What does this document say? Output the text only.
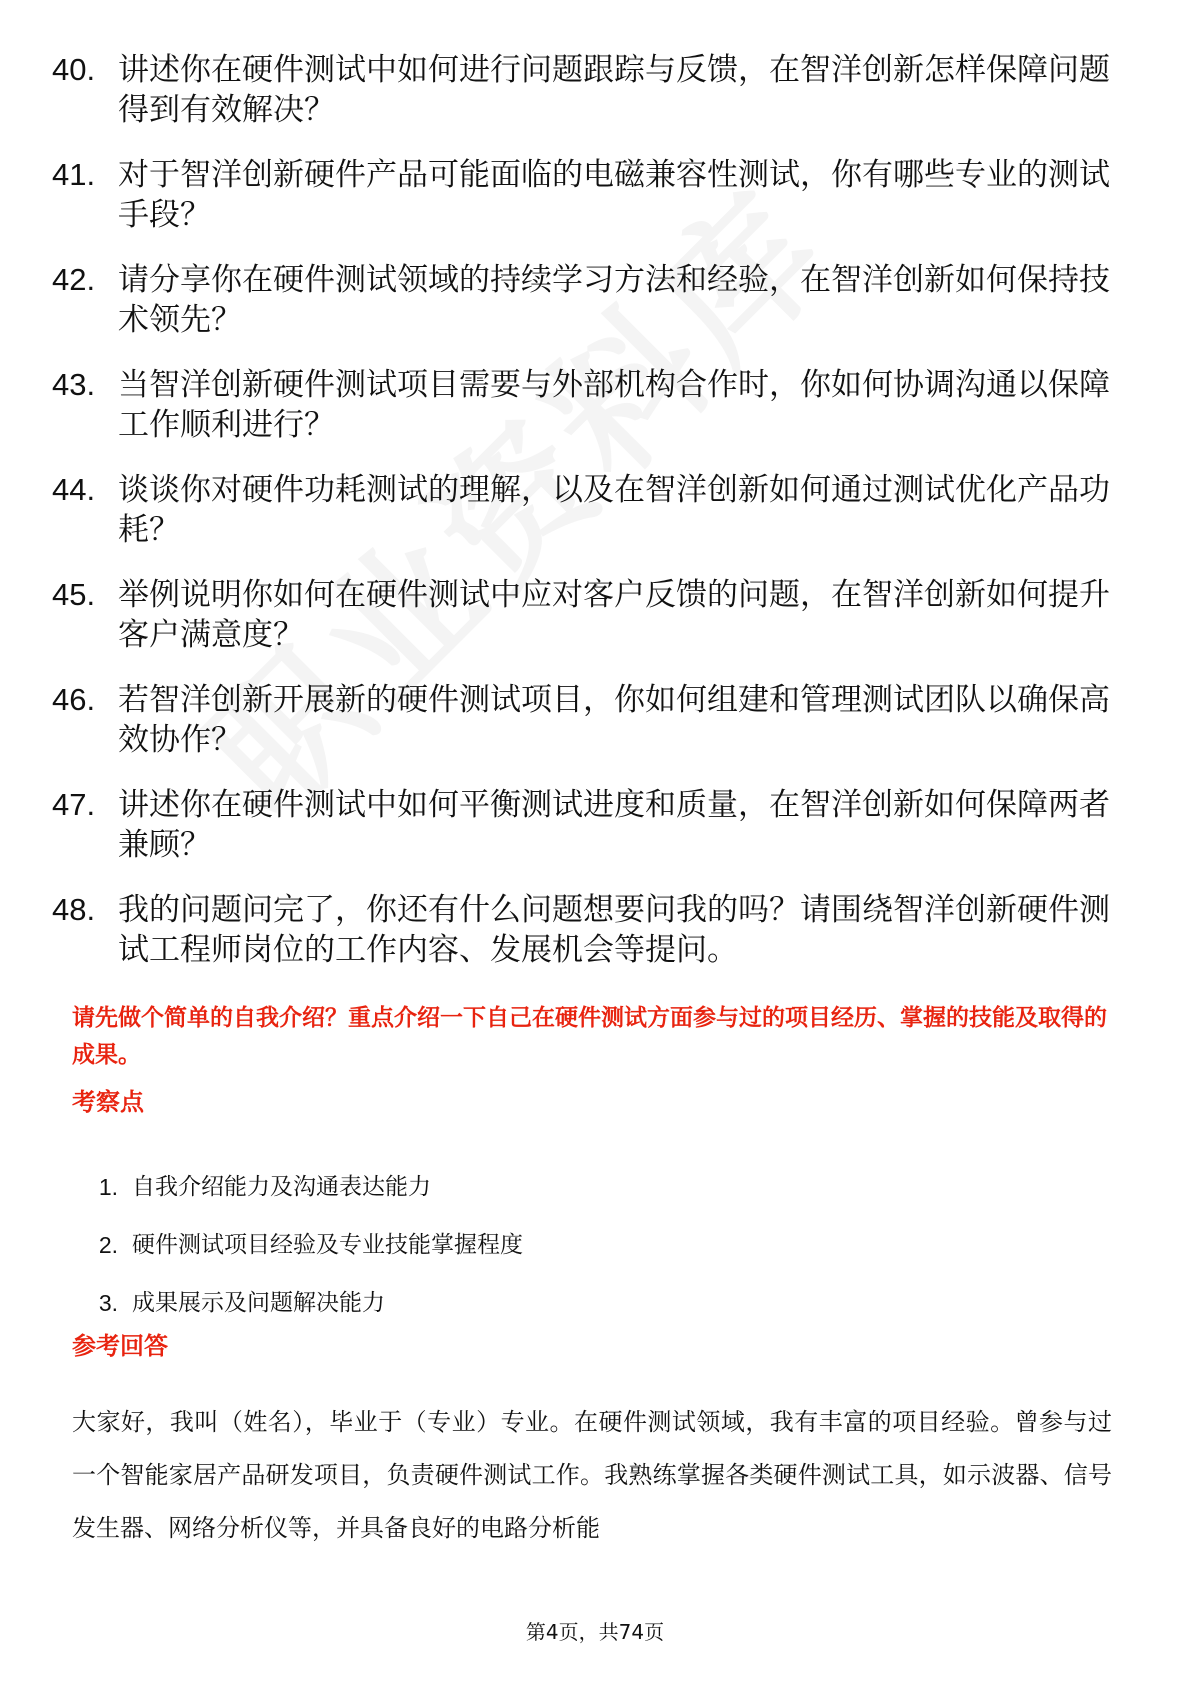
40. 讲述你在硬件测试中如何进行问题跟踪与反馈，在智洋创新怎样保障问题得到有效解决？
41. 对于智洋创新硬件产品可能面临的电磁兼容性测试，你有哪些专业的测试手段？
42. 请分享你在硬件测试领域的持续学习方法和经验，在智洋创新如何保持技术领先？
43. 当智洋创新硬件测试项目需要与外部机构合作时，你如何协调沟通以保障工作顺利进行？
44. 谈谈你对硬件功耗测试的理解，以及在智洋创新如何通过测试优化产品功耗？
45. 举例说明你如何在硬件测试中应对客户反馈的问题，在智洋创新如何提升客户满意度？
46. 若智洋创新开展新的硬件测试项目，你如何组建和管理测试团队以确保高效协作？
47. 讲述你在硬件测试中如何平衡测试进度和质量，在智洋创新如何保障两者兼顾？
48. 我的问题问完了，你还有什么问题想要问我的吗？请围绕智洋创新硬件测试工程师岗位的工作内容、发展机会等提问。
请先做个简单的自我介绍？重点介绍一下自己在硬件测试方面参与过的项目经历、掌握的技能及取得的成果。
考察点
1. 自我介绍能力及沟通表达能力
2. 硬件测试项目经验及专业技能掌握程度
3. 成果展示及问题解决能力
参考回答
大家好，我叫（姓名），毕业于（专业）专业。在硬件测试领域，我有丰富的项目经验。曾参与过一个智能家居产品研发项目，负责硬件测试工作。我熟练掌握各类硬件测试工具，如示波器、信号发生器、网络分析仪等，并具备良好的电路分析能
第4页，共74页
